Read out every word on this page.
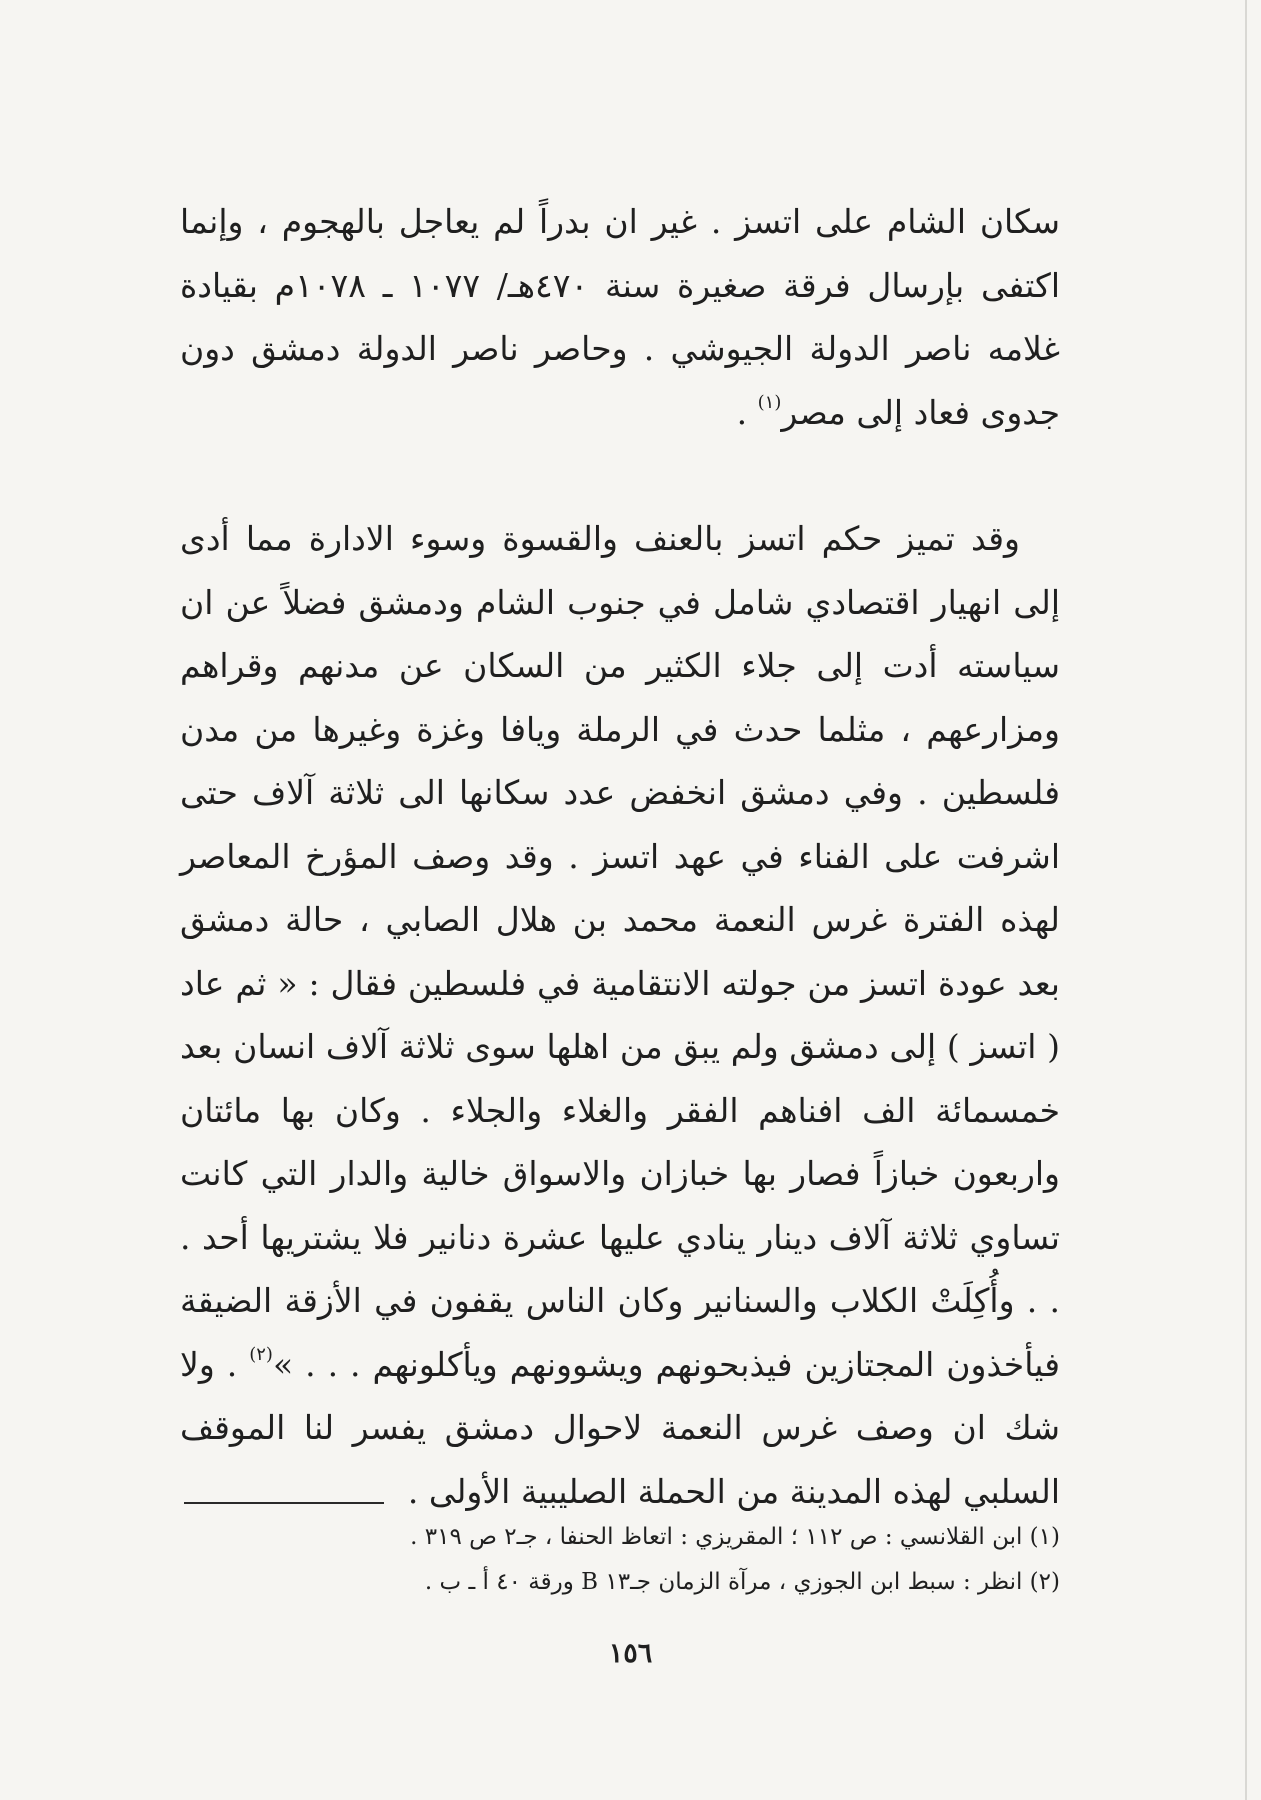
سكان الشام على اتسز . غير ان بدراً لم يعاجل بالهجوم ، وإنما اكتفى بإرسال فرقة صغيرة سنة ٤٧٠هـ/ ١٠٧٧ ـ ١٠٧٨م بقيادة غلامه ناصر الدولة الجيوشي . وحاصر ناصر الدولة دمشق دون جدوى فعاد إلى مصر$^{(١)}$ .

وقد تميز حكم اتسز بالعنف والقسوة وسوء الادارة مما أدى إلى انهيار اقتصادي شامل في جنوب الشام ودمشق فضلاً عن ان سياسته أدت إلى جلاء الكثير من السكان عن مدنهم وقراهم ومزارعهم ، مثلما حدث في الرملة ويافا وغزة وغيرها من مدن فلسطين . وفي دمشق انخفض عدد سكانها الى ثلاثة آلاف حتى اشرفت على الفناء في عهد اتسز . وقد وصف المؤرخ المعاصر لهذه الفترة غرس النعمة محمد بن هلال الصابي ، حالة دمشق بعد عودة اتسز من جولته الانتقامية في فلسطين فقال : « ثم عاد ( اتسز ) إلى دمشق ولم يبق من اهلها سوى ثلاثة آلاف انسان بعد خمسمائة الف افناهم الفقر والغلاء والجلاء . وكان بها مائتان واربعون خبازاً فصار بها خبازان والاسواق خالية والدار التي كانت تساوي ثلاثة آلاف دينار ينادي عليها عشرة دنانير فلا يشتريها أحد . . . وأُكِلَتْ الكلاب والسنانير وكان الناس يقفون في الأزقة الضيقة فيأخذون المجتازين فيذبحونهم ويشوونهم ويأكلونهم . . . »$^{(٢)}$ . ولا شك ان وصف غرس النعمة لاحوال دمشق يفسر لنا الموقف السلبي لهذه المدينة من الحملة الصليبية الأولى .

(١) ابن القلانسي : ص ١١٢ ؛ المقريزي : اتعاظ الحنفا ، جـ٢ ص ٣١٩ .

(٢) انظر : سبط ابن الجوزي ، مرآة الزمان جـ١٣ B ورقة ٤٠ أ ـ ب .

١٥٦
